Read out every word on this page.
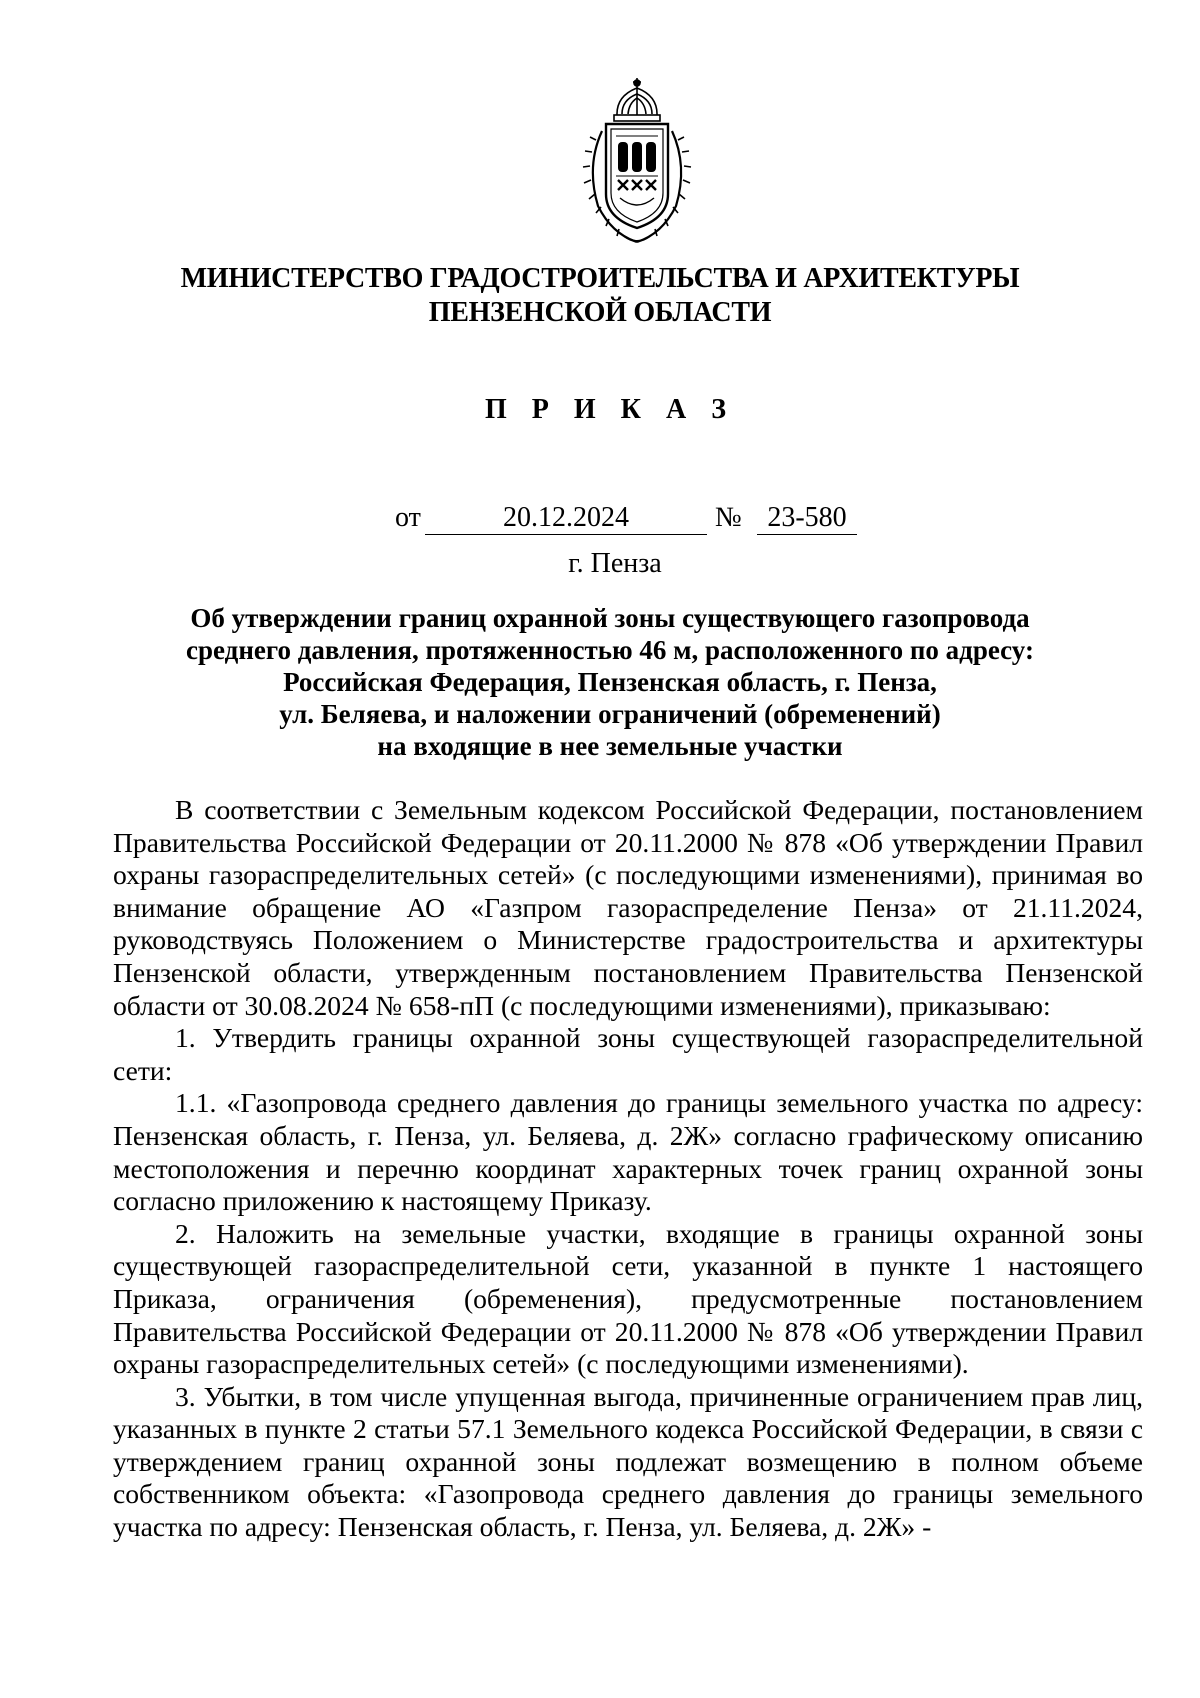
МИНИСТЕРСТВО ГРАДОСТРОИТЕЛЬСТВА И АРХИТЕКТУРЫ
ПЕНЗЕНСКОЙ ОБЛАСТИ
П Р И К А З
от	20.12.2024	№ 23-580
г. Пенза
Об утверждении границ охранной зоны существующего газопровода
среднего давления, протяженностью 46 м, расположенного по адресу:
Российская Федерация, Пензенская область, г. Пенза,
ул. Беляева, и наложении ограничений (обременений)
на входящие в нее земельные участки

В соответствии с Земельным кодексом Российской Федерации, постановлением Правительства Российской Федерации от 20.11.2000 № 878 «Об утверждении Правил охраны газораспределительных сетей» (с последующими изменениями), принимая во внимание обращение АО «Газпром газораспределение Пенза» от 21.11.2024, руководствуясь Положением о Министерстве градостроительства и архитектуры Пензенской области, утвержденным постановлением Правительства Пензенской области от 30.08.2024 № 658-пП (с последующими изменениями), приказываю:

1. Утвердить границы охранной зоны существующей газораспределительной сети:

1.1. «Газопровода среднего давления до границы земельного участка по адресу: Пензенская область, г. Пенза, ул. Беляева, д. 2Ж» согласно графическому описанию местоположения и перечню координат характерных точек границ охранной зоны согласно приложению к настоящему Приказу.

2. Наложить на земельные участки, входящие в границы охранной зоны существующей газораспределительной сети, указанной в пункте 1 настоящего Приказа, ограничения (обременения), предусмотренные постановлением Правительства Российской Федерации от 20.11.2000 № 878 «Об утверждении Правил охраны газораспределительных сетей» (с последующими изменениями).

3. Убытки, в том числе упущенная выгода, причиненные ограничением прав лиц, указанных в пункте 2 статьи 57.1 Земельного кодекса Российской Федерации, в связи с утверждением границ охранной зоны подлежат возмещению в полном объеме собственником объекта: «Газопровода среднего давления до границы земельного участка по адресу: Пензенская область, г. Пенза, ул. Беляева, д. 2Ж» -
